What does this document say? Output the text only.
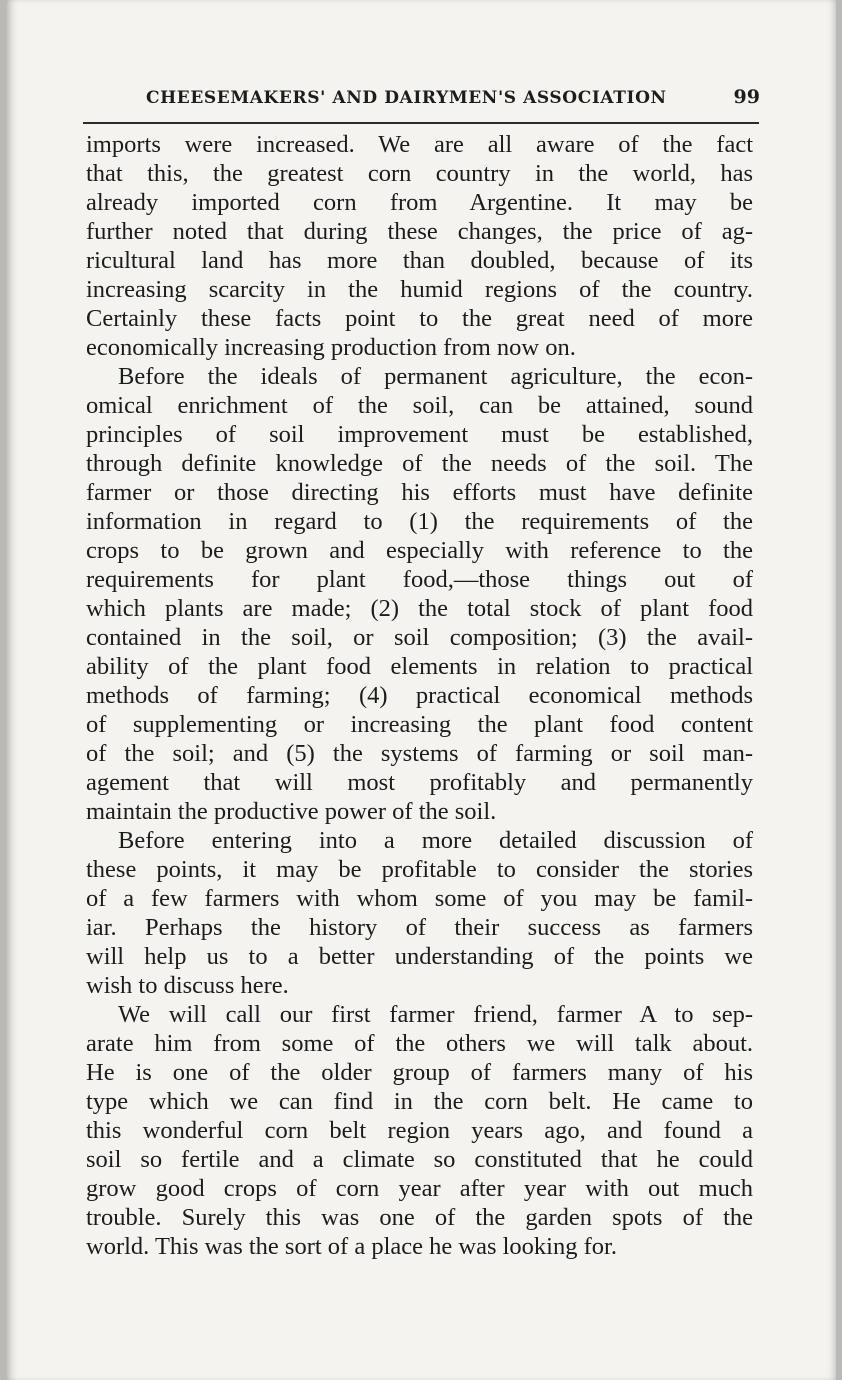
CHEESEMAKERS' AND DAIRYMEN'S ASSOCIATION	99
imports were increased. We are all aware of the fact
that this, the greatest corn country in the world, has
already imported corn from Argentine. It may be
further noted that during these changes, the price of ag-
ricultural land has more than doubled, because of its
increasing scarcity in the humid regions of the country.
Certainly these facts point to the great need of more
economically increasing production from now on.
Before the ideals of permanent agriculture, the econ-
omical enrichment of the soil, can be attained, sound
principles of soil improvement must be established,
through definite knowledge of the needs of the soil. The
farmer or those directing his efforts must have definite
information in regard to (1) the requirements of the
crops to be grown and especially with reference to the
requirements for plant food,—those things out of
which plants are made; (2) the total stock of plant food
contained in the soil, or soil composition; (3) the avail-
ability of the plant food elements in relation to practical
methods of farming; (4) practical economical methods
of supplementing or increasing the plant food content
of the soil; and (5) the systems of farming or soil man-
agement that will most profitably and permanently
maintain the productive power of the soil.
Before entering into a more detailed discussion of
these points, it may be profitable to consider the stories
of a few farmers with whom some of you may be famil-
iar. Perhaps the history of their success as farmers
will help us to a better understanding of the points we
wish to discuss here.
We will call our first farmer friend, farmer A to sep-
arate him from some of the others we will talk about.
He is one of the older group of farmers many of his
type which we can find in the corn belt. He came to
this wonderful corn belt region years ago, and found a
soil so fertile and a climate so constituted that he could
grow good crops of corn year after year with out much
trouble. Surely this was one of the garden spots of the
world. This was the sort of a place he was looking for.
